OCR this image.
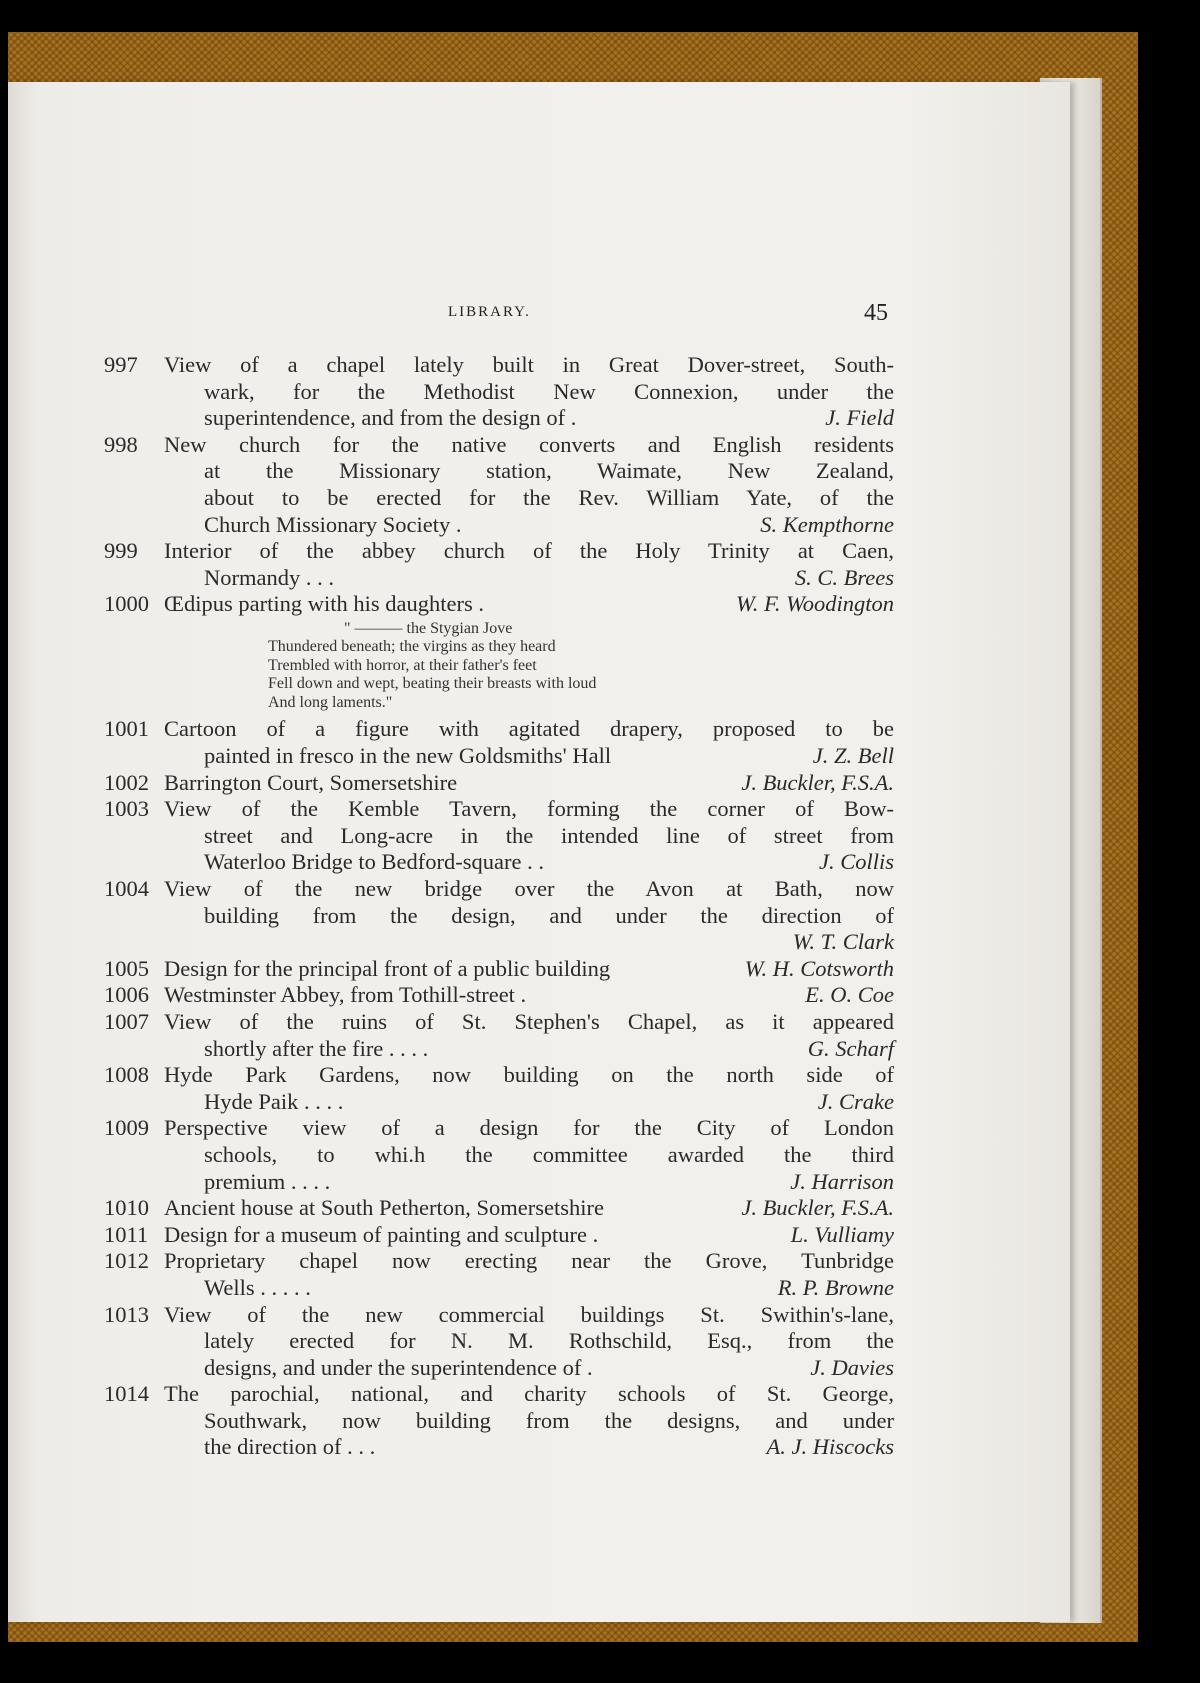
LIBRARY.	45
997 View of a chapel lately built in Great Dover-street, South-
wark, for the Methodist New Connexion, under the
superintendence, and from the design of .	J. Field
998 New church for the native converts and English residents
at the Missionary station, Waimate, New Zealand,
about to be erected for the Rev. William Yate, of the
Church Missionary Society .	S. Kempthorne
999 Interior of the abbey church of the Holy Trinity at Caen,
Normandy . . .	S. C. Brees
1000 Œdipus parting with his daughters .	W. F. Woodington
" ——— the Stygian Jove
Thundered beneath; the virgins as they heard
Trembled with horror, at their father's feet
Fell down and wept, beating their breasts with loud
And long laments."
1001 Cartoon of a figure with agitated drapery, proposed to be
painted in fresco in the new Goldsmiths' Hall	J. Z. Bell
1002 Barrington Court, Somersetshire	J. Buckler, F.S.A.
1003 View of the Kemble Tavern, forming the corner of Bow-
street and Long-acre in the intended line of street from
Waterloo Bridge to Bedford-square . .	J. Collis
1004 View of the new bridge over the Avon at Bath, now
building from the design, and under the direction of
W. T. Clark
1005 Design for the principal front of a public building	W. H. Cotsworth
1006 Westminster Abbey, from Tothill-street .	E. O. Coe
1007 View of the ruins of St. Stephen's Chapel, as it appeared
shortly after the fire . . . .	G. Scharf
1008 Hyde Park Gardens, now building on the north side of
Hyde Paik . . . .	J. Crake
1009 Perspective view of a design for the City of London
schools, to whi.h the committee awarded the third
premium . . . .	J. Harrison
1010 Ancient house at South Petherton, Somersetshire	J. Buckler, F.S.A.
1011 Design for a museum of painting and sculpture .	L. Vulliamy
1012 Proprietary chapel now erecting near the Grove, Tunbridge
Wells . . . . .	R. P. Browne
1013 View of the new commercial buildings St. Swithin's-lane,
lately erected for N. M. Rothschild, Esq., from the
designs, and under the superintendence of .	J. Davies
1014 The parochial, national, and charity schools of St. George,
Southwark, now building from the designs, and under
the direction of . . .	A. J. Hiscocks
